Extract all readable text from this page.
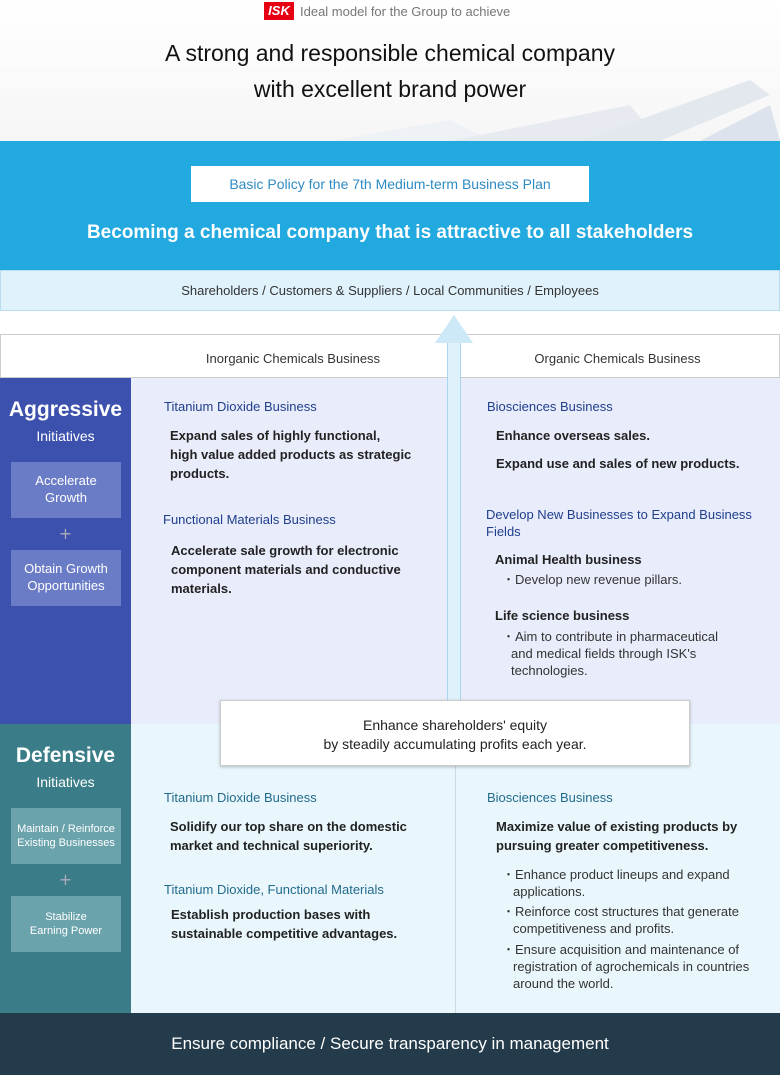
ISK Ideal model for the Group to achieve
A strong and responsible chemical company
with excellent brand power
Basic Policy for the 7th Medium-term Business Plan
Becoming a chemical company that is attractive to all stakeholders
Shareholders / Customers & Suppliers / Local Communities / Employees
Inorganic Chemicals Business	Organic Chemicals Business
Aggressive
Initiatives
Accelerate Growth
+
Obtain Growth Opportunities
Titanium Dioxide Business
Expand sales of highly functional,
high value added products as strategic
products.
Functional Materials Business
Accelerate sale growth for electronic
component materials and conductive
materials.
Biosciences Business
Enhance overseas sales.
Expand use and sales of new products.
Develop New Businesses to Expand Business
Fields
Animal Health business
・Develop new revenue pillars.
Life science business
・Aim to contribute in pharmaceutical
and medical fields through ISK's
technologies.
Defensive
Initiatives
Maintain / Reinforce
Existing Businesses
+
Stabilize
Earning Power
Enhance shareholders' equity
by steadily accumulating profits each year.
Titanium Dioxide Business
Solidify our top share on the domestic
market and technical superiority.
Titanium Dioxide, Functional Materials
Establish production bases with
sustainable competitive advantages.
Biosciences Business
Maximize value of existing products by
pursuing greater competitiveness.
・Enhance product lineups and expand
applications.
・Reinforce cost structures that generate
competitiveness and profits.
・Ensure acquisition and maintenance of
registration of agrochemicals in countries
around the world.
Ensure compliance / Secure transparency in management
